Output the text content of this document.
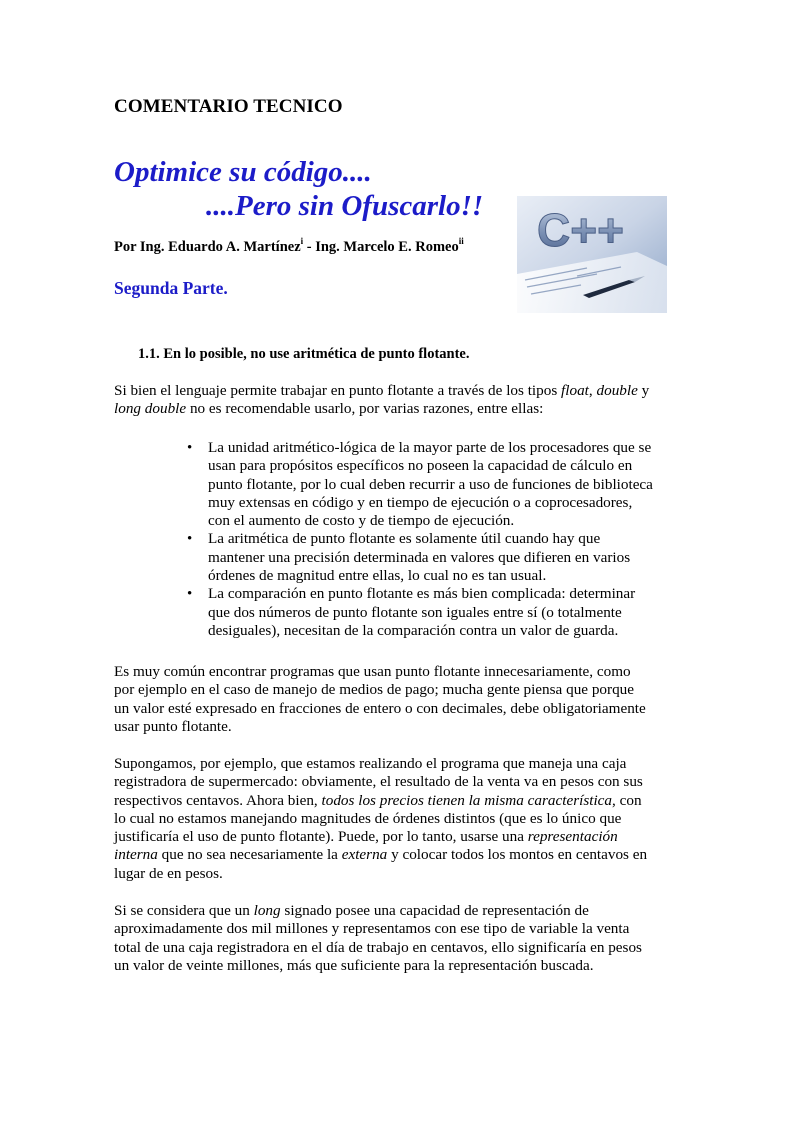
COMENTARIO TECNICO
Optimice su código....
....Pero sin Ofuscarlo!!
Por Ing. Eduardo A. Martínez$^i$ - Ing. Marcelo E. Romeo$^{ii}$
Segunda Parte.
C++
1.1. En lo posible, no use aritmética de punto flotante.

Si bien el lenguaje permite trabajar en punto flotante a través de los tipos float, double y
long double no es recomendable usarlo, por varias razones, entre ellas:

• La unidad aritmético-lógica de la mayor parte de los procesadores que se
usan para propósitos específicos no poseen la capacidad de cálculo en
punto flotante, por lo cual deben recurrir a uso de funciones de biblioteca
muy extensas en código y en tiempo de ejecución o a coprocesadores,
con el aumento de costo y de tiempo de ejecución.
• La aritmética de punto flotante es solamente útil cuando hay que
mantener una precisión determinada en valores que difieren en varios
órdenes de magnitud entre ellas, lo cual no es tan usual.
• La comparación en punto flotante es más bien complicada: determinar
que dos números de punto flotante son iguales entre sí (o totalmente
desiguales), necesitan de la comparación contra un valor de guarda.

Es muy común encontrar programas que usan punto flotante innecesariamente, como
por ejemplo en el caso de manejo de medios de pago; mucha gente piensa que porque
un valor esté expresado en fracciones de entero o con decimales, debe obligatoriamente
usar punto flotante.

Supongamos, por ejemplo, que estamos realizando el programa que maneja una caja
registradora de supermercado: obviamente, el resultado de la venta va en pesos con sus
respectivos centavos. Ahora bien, todos los precios tienen la misma característica, con
lo cual no estamos manejando magnitudes de órdenes distintos (que es lo único que
justificaría el uso de punto flotante). Puede, por lo tanto, usarse una representación
interna que no sea necesariamente la externa y colocar todos los montos en centavos en
lugar de en pesos.

Si se considera que un long signado posee una capacidad de representación de
aproximadamente dos mil millones y representamos con ese tipo de variable la venta
total de una caja registradora en el día de trabajo en centavos, ello significaría en pesos
un valor de veinte millones, más que suficiente para la representación buscada.
